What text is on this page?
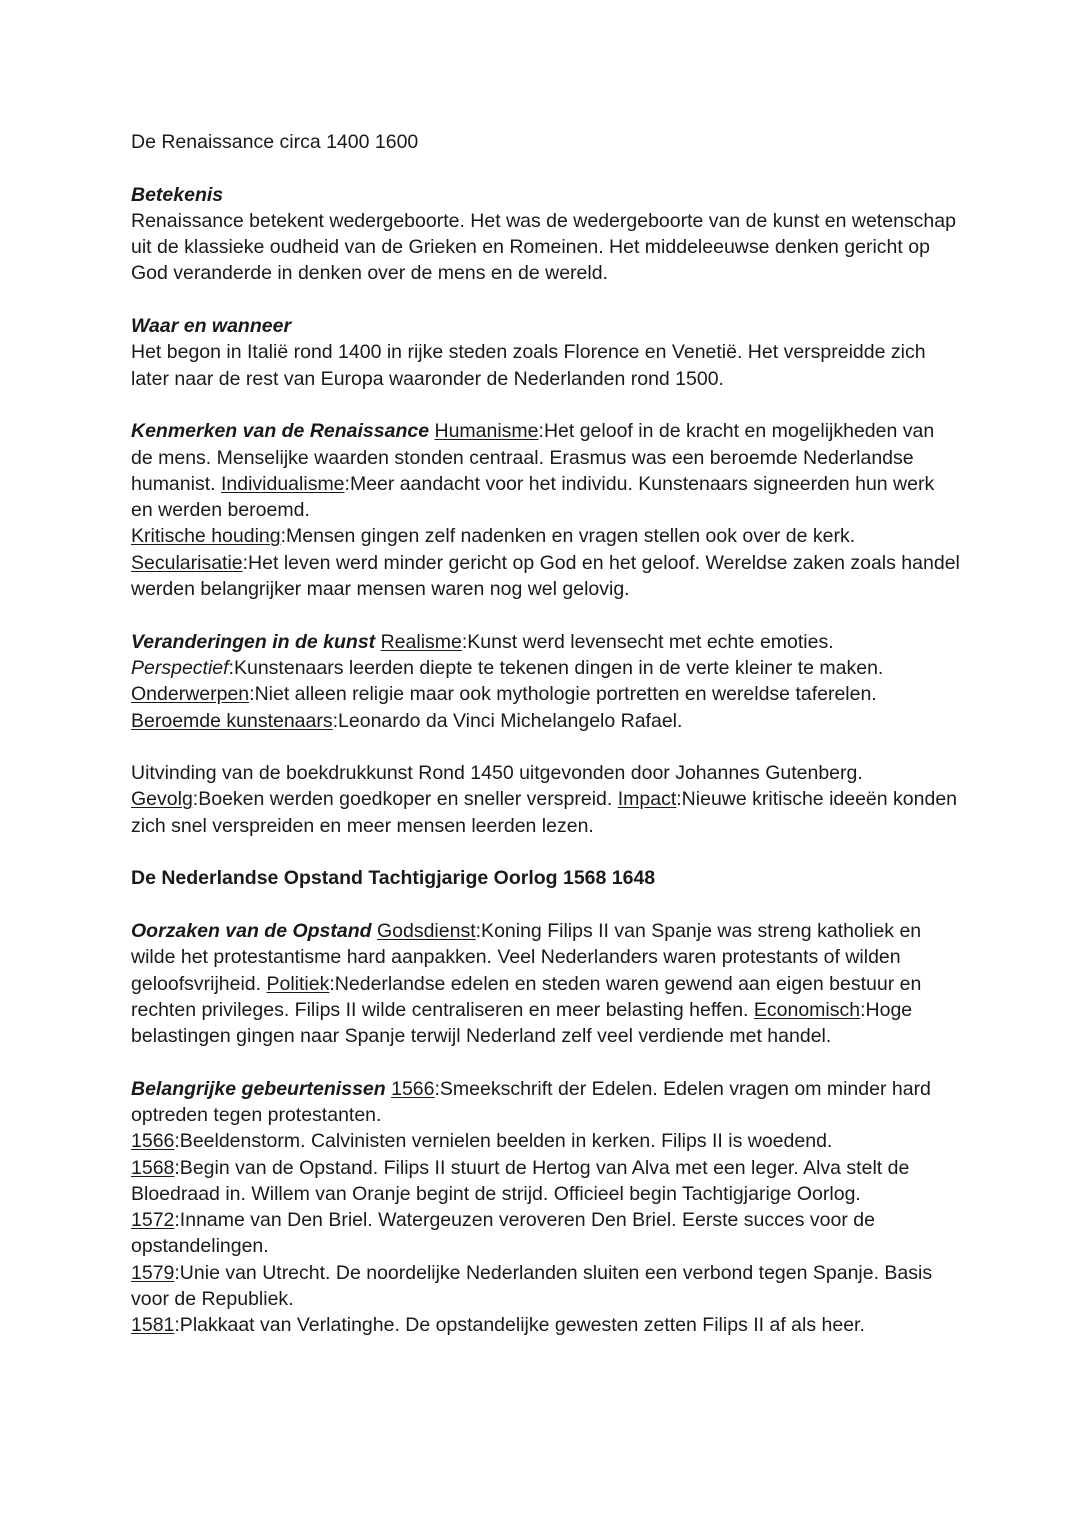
De Renaissance circa 1400 1600

Betekenis

Renaissance betekent wedergeboorte. Het was de wedergeboorte van de kunst en wetenschap uit de klassieke oudheid van de Grieken en Romeinen. Het middeleeuwse denken gericht op God veranderde in denken over de mens en de wereld.

Waar en wanneer

Het begon in Italië rond 1400 in rijke steden zoals Florence en Venetië. Het verspreidde zich later naar de rest van Europa waaronder de Nederlanden rond 1500.

Kenmerken van de Renaissance Humanisme:Het geloof in de kracht en mogelijkheden van de mens. Menselijke waarden stonden centraal. Erasmus was een beroemde Nederlandse humanist. Individualisme:Meer aandacht voor het individu. Kunstenaars signeerden hun werk en werden beroemd.

Kritische houding:Mensen gingen zelf nadenken en vragen stellen ook over de kerk.

Secularisatie:Het leven werd minder gericht op God en het geloof. Wereldse zaken zoals handel werden belangrijker maar mensen waren nog wel gelovig.

Veranderingen in de kunst Realisme:Kunst werd levensecht met echte emoties.

Perspectief:Kunstenaars leerden diepte te tekenen dingen in de verte kleiner te maken.

Onderwerpen:Niet alleen religie maar ook mythologie portretten en wereldse taferelen.

Beroemde kunstenaars:Leonardo da Vinci Michelangelo Rafael.

Uitvinding van de boekdrukkunst Rond 1450 uitgevonden door Johannes Gutenberg.

Gevolg:Boeken werden goedkoper en sneller verspreid. Impact:Nieuwe kritische ideeën konden zich snel verspreiden en meer mensen leerden lezen.

De Nederlandse Opstand Tachtigjarige Oorlog 1568 1648

Oorzaken van de Opstand Godsdienst:Koning Filips II van Spanje was streng katholiek en wilde het protestantisme hard aanpakken. Veel Nederlanders waren protestants of wilden geloofsvrijheid. Politiek:Nederlandse edelen en steden waren gewend aan eigen bestuur en rechten privileges. Filips II wilde centraliseren en meer belasting heffen. Economisch:Hoge belastingen gingen naar Spanje terwijl Nederland zelf veel verdiende met handel.

Belangrijke gebeurtenissen 1566:Smeekschrift der Edelen. Edelen vragen om minder hard optreden tegen protestanten.

1566:Beeldenstorm. Calvinisten vernielen beelden in kerken. Filips II is woedend.

1568:Begin van de Opstand. Filips II stuurt de Hertog van Alva met een leger. Alva stelt de Bloedraad in. Willem van Oranje begint de strijd. Officieel begin Tachtigjarige Oorlog.

1572:Inname van Den Briel. Watergeuzen veroveren Den Briel. Eerste succes voor de opstandelingen.

1579:Unie van Utrecht. De noordelijke Nederlanden sluiten een verbond tegen Spanje. Basis voor de Republiek.

1581:Plakkaat van Verlatinghe. De opstandelijke gewesten zetten Filips II af als heer.
